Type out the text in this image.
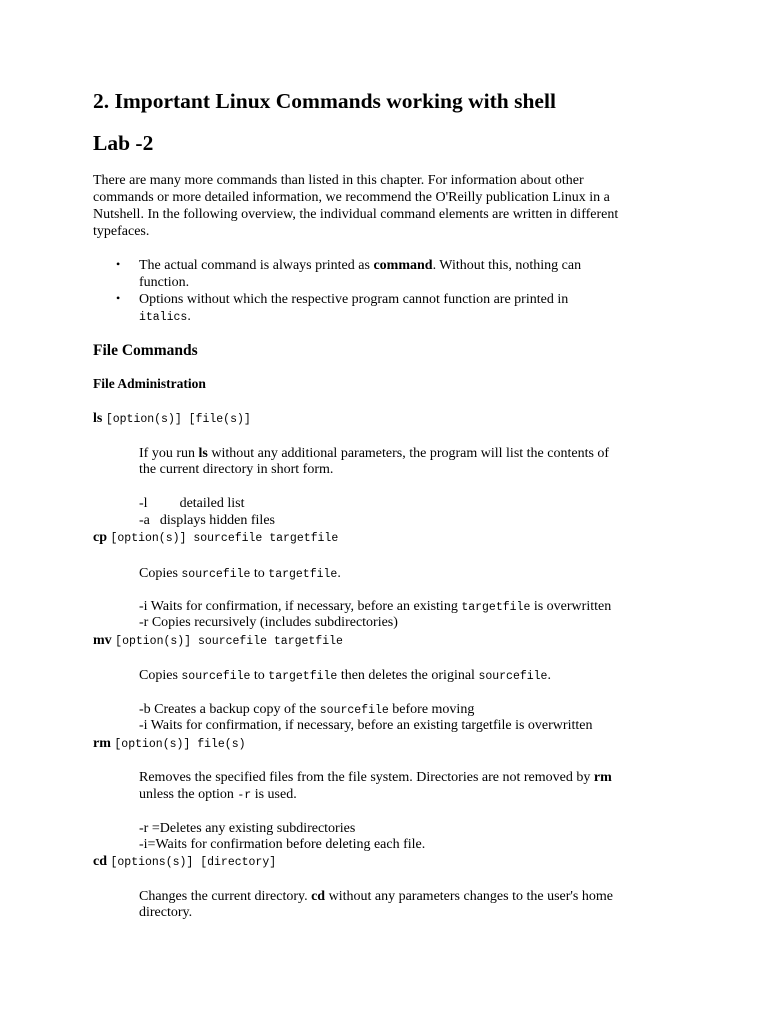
2. Important Linux Commands working with shell
Lab -2
There are many more commands than listed in this chapter. For information about other
commands or more detailed information, we recommend the O'Reilly publication Linux in a
Nutshell. In the following overview, the individual command elements are written in different
typefaces.
• The actual command is always printed as command. Without this, nothing can
function.
• Options without which the respective program cannot function are printed in
italics.
File Commands
File Administration
ls [option(s)] [file(s)]
If you run ls without any additional parameters, the program will list the contents of
the current directory in short form.
-l detailed list
-a displays hidden files
cp [option(s)] sourcefile targetfile
Copies sourcefile to targetfile.
-i Waits for confirmation, if necessary, before an existing targetfile is overwritten
-r Copies recursively (includes subdirectories)
mv [option(s)] sourcefile targetfile
Copies sourcefile to targetfile then deletes the original sourcefile.
-b Creates a backup copy of the sourcefile before moving
-i Waits for confirmation, if necessary, before an existing targetfile is overwritten
rm [option(s)] file(s)
Removes the specified files from the file system. Directories are not removed by rm
unless the option -r is used.
-r =Deletes any existing subdirectories
-i=Waits for confirmation before deleting each file.
cd [options(s)] [directory]
Changes the current directory. cd without any parameters changes to the user's home
directory.
